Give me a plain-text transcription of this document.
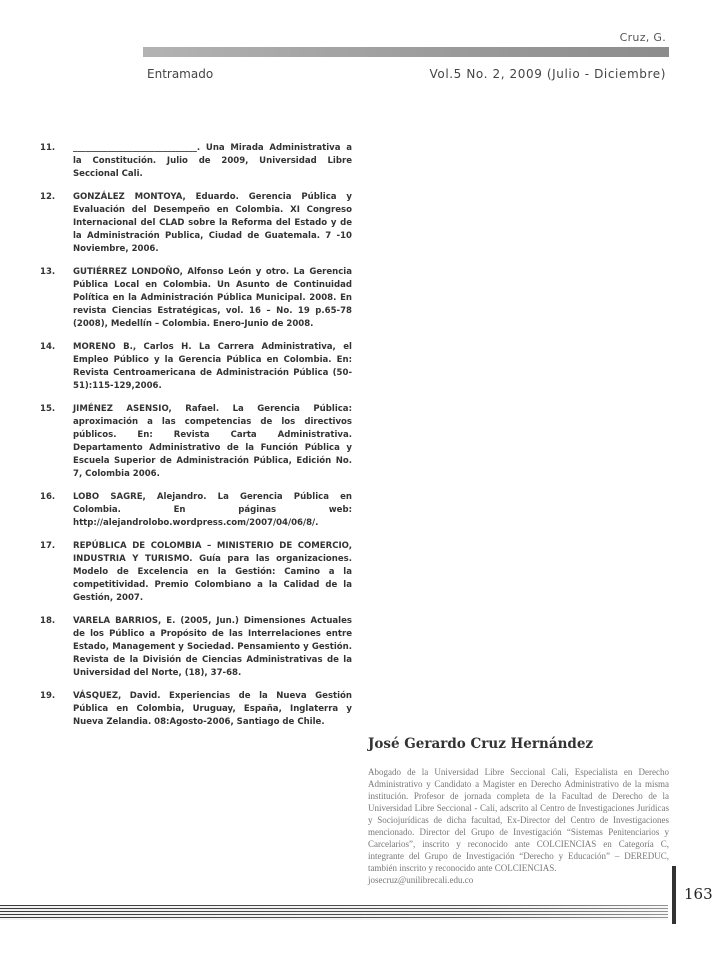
Cruz, G.
Entramado	Vol.5 No. 2, 2009 (Julio - Diciembre)
11. _____________________________. Una Mirada Administrativa a la Constitución. Julio de 2009, Universidad Libre Seccional Cali.
12. GONZÁLEZ MONTOYA, Eduardo. Gerencia Pública y Evaluación del Desempeño en Colombia. XI Congreso Internacional del CLAD sobre la Reforma del Estado y de la Administración Publica, Ciudad de Guatemala. 7 -10 Noviembre, 2006.
13. GUTIÉRREZ LONDOÑO, Alfonso León y otro. La Gerencia Pública Local en Colombia. Un Asunto de Continuidad Política en la Administración Pública Municipal. 2008. En revista Ciencias Estratégicas, vol. 16 – No. 19 p.65-78 (2008), Medellín – Colombia. Enero-Junio de 2008.
14. MORENO B., Carlos H. La Carrera Administrativa, el Empleo Público y la Gerencia Pública en Colombia. En: Revista Centroamericana de Administración Pública (50-51):115-129,2006.
15. JIMÉNEZ ASENSIO, Rafael. La Gerencia Pública: aproximación a las competencias de los directivos públicos. En: Revista Carta Administrativa. Departamento Administrativo de la Función Pública y Escuela Superior de Administración Pública, Edición No. 7, Colombia 2006.
16. LOBO SAGRE, Alejandro. La Gerencia Pública en Colombia. En páginas web: http://alejandrolobo.wordpress.com/2007/04/06/8/.
17. REPÚBLICA DE COLOMBIA – MINISTERIO DE COMERCIO, INDUSTRIA Y TURISMO. Guía para las organizaciones. Modelo de Excelencia en la Gestión: Camino a la competitividad. Premio Colombiano a la Calidad de la Gestión, 2007.
18. VARELA BARRIOS, E. (2005, Jun.) Dimensiones Actuales de los Público a Propósito de las Interrelaciones entre Estado, Management y Sociedad. Pensamiento y Gestión. Revista de la División de Ciencias Administrativas de la Universidad del Norte, (18), 37-68.
19. VÁSQUEZ, David. Experiencias de la Nueva Gestión Pública en Colombia, Uruguay, España, Inglaterra y Nueva Zelandia. 08:Agosto-2006, Santiago de Chile.
José Gerardo Cruz Hernández

Abogado de la Universidad Libre Seccional Cali, Especialista en Derecho Administrativo y Candidato a Magister en Derecho Administrativo de la misma institución. Profesor de jornada completa de la Facultad de Derecho de la Universidad Libre Seccional - Cali, adscrito al Centro de Investigaciones Jurídicas y Sociojurídicas de dicha facultad, Ex-Director del Centro de Investigaciones mencionado. Director del Grupo de Investigación “Sistemas Penitenciarios y Carcelarios”, inscrito y reconocido ante COLCIENCIAS en Categoría C, integrante del Grupo de Investigación “Derecho y Educación” – DEREDUC, también inscrito y reconocido ante COLCIENCIAS.

josecruz@unilibrecali.edu.co
163
